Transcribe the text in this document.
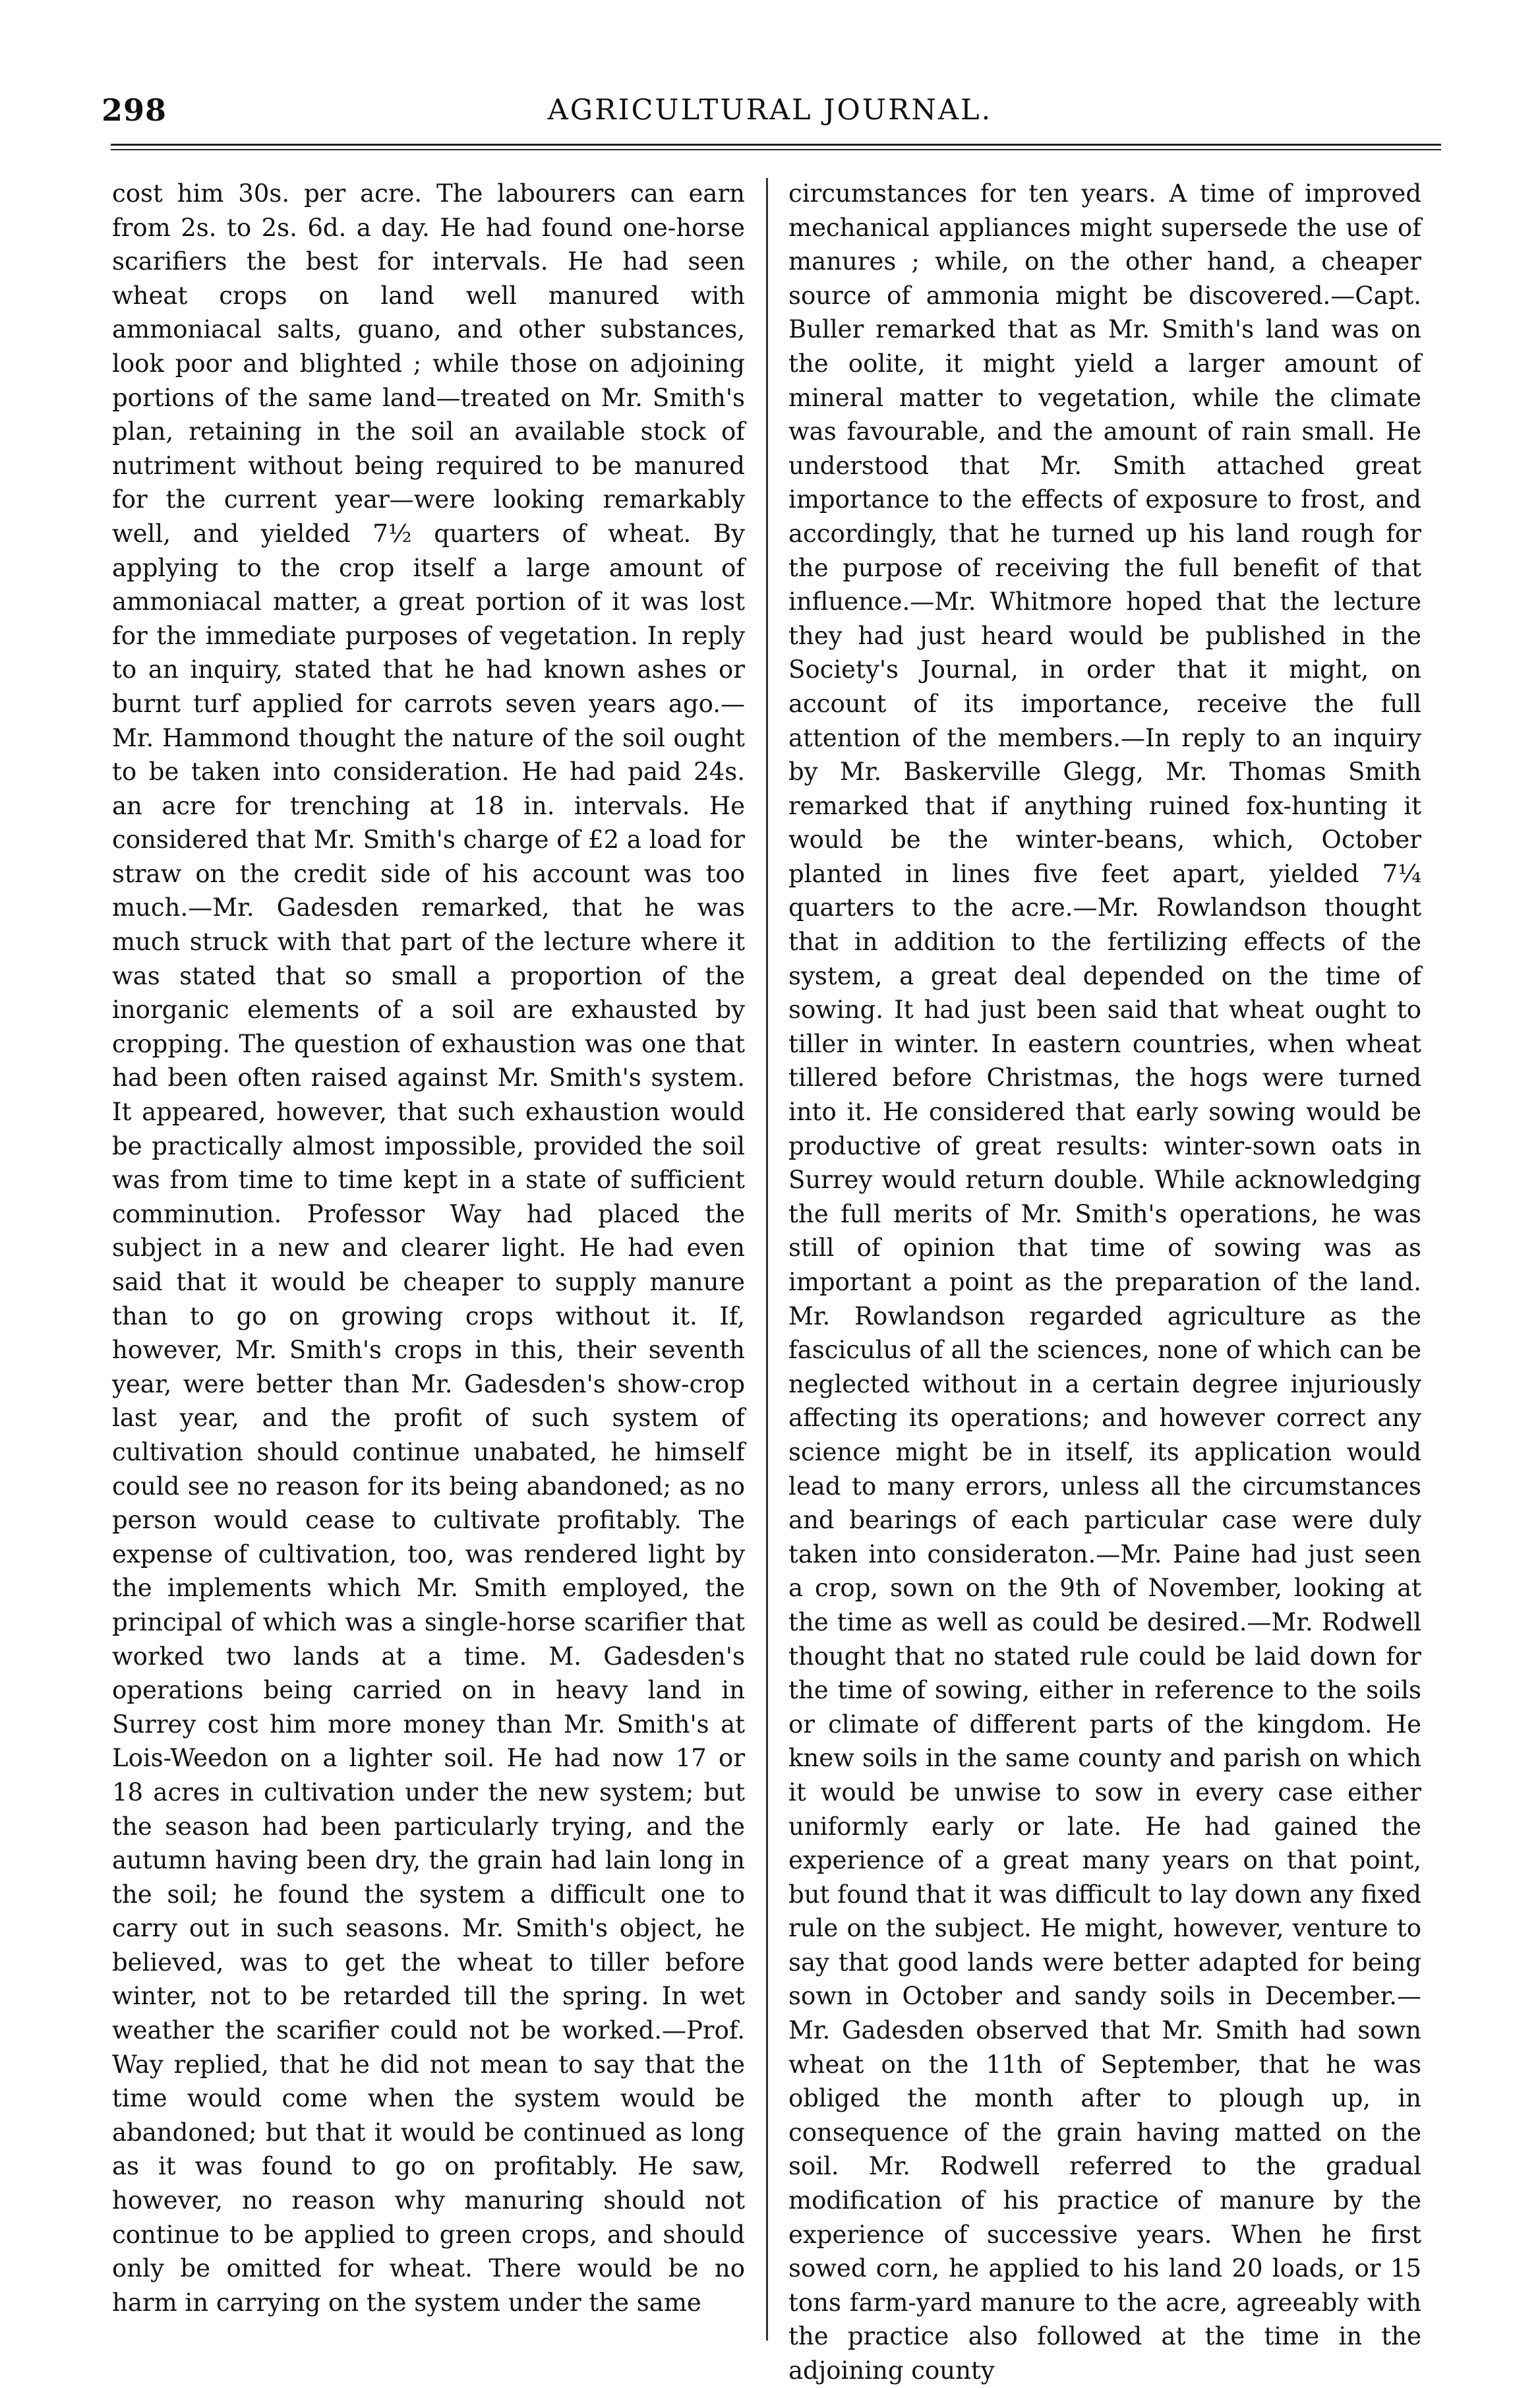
298	AGRICULTURAL JOURNAL.

cost him 30s. per acre. The labourers can earn from 2s. to 2s. 6d. a day. He had found one-horse scarifiers the best for intervals. He had seen wheat crops on land well manured with ammoniacal salts, guano, and other substances, look poor and blighted ; while those on adjoining portions of the same land—treated on Mr. Smith's plan, retaining in the soil an available stock of nutriment without being required to be manured for the current year—were looking remarkably well, and yielded 7½ quarters of wheat. By applying to the crop itself a large amount of ammoniacal matter, a great portion of it was lost for the immediate purposes of vegetation. In reply to an inquiry, stated that he had known ashes or burnt turf applied for carrots seven years ago.—Mr. Hammond thought the nature of the soil ought to be taken into consideration. He had paid 24s. an acre for trenching at 18 in. intervals. He considered that Mr. Smith's charge of £2 a load for straw on the credit side of his account was too much.—Mr. Gadesden remarked, that he was much struck with that part of the lecture where it was stated that so small a proportion of the inorganic elements of a soil are exhausted by cropping. The question of exhaustion was one that had been often raised against Mr. Smith's system. It appeared, however, that such exhaustion would be practically almost impossible, provided the soil was from time to time kept in a state of sufficient comminution. Professor Way had placed the subject in a new and clearer light. He had even said that it would be cheaper to supply manure than to go on growing crops without it. If, however, Mr. Smith's crops in this, their seventh year, were better than Mr. Gadesden's show-crop last year, and the profit of such system of cultivation should continue unabated, he himself could see no reason for its being abandoned; as no person would cease to cultivate profitably. The expense of cultivation, too, was rendered light by the implements which Mr. Smith employed, the principal of which was a single-horse scarifier that worked two lands at a time. M. Gadesden's operations being carried on in heavy land in Surrey cost him more money than Mr. Smith's at Lois-Weedon on a lighter soil. He had now 17 or 18 acres in cultivation under the new system; but the season had been particularly trying, and the autumn having been dry, the grain had lain long in the soil; he found the system a difficult one to carry out in such seasons. Mr. Smith's object, he believed, was to get the wheat to tiller before winter, not to be retarded till the spring. In wet weather the scarifier could not be worked.—Prof. Way replied, that he did not mean to say that the time would come when the system would be abandoned; but that it would be continued as long as it was found to go on profitably. He saw, however, no reason why manuring should not continue to be applied to green crops, and should only be omitted for wheat. There would be no harm in carrying on the system under the same

circumstances for ten years. A time of improved mechanical appliances might supersede the use of manures ; while, on the other hand, a cheaper source of ammonia might be discovered.—Capt. Buller remarked that as Mr. Smith's land was on the oolite, it might yield a larger amount of mineral matter to vegetation, while the climate was favourable, and the amount of rain small. He understood that Mr. Smith attached great importance to the effects of exposure to frost, and accordingly, that he turned up his land rough for the purpose of receiving the full benefit of that influence.—Mr. Whitmore hoped that the lecture they had just heard would be published in the Society's Journal, in order that it might, on account of its importance, receive the full attention of the members.—In reply to an inquiry by Mr. Baskerville Glegg, Mr. Thomas Smith remarked that if anything ruined fox-hunting it would be the winter-beans, which, October planted in lines five feet apart, yielded 7¼ quarters to the acre.—Mr. Rowlandson thought that in addition to the fertilizing effects of the system, a great deal depended on the time of sowing. It had just been said that wheat ought to tiller in winter. In eastern countries, when wheat tillered before Christmas, the hogs were turned into it. He considered that early sowing would be productive of great results: winter-sown oats in Surrey would return double. While acknowledging the full merits of Mr. Smith's operations, he was still of opinion that time of sowing was as important a point as the preparation of the land. Mr. Rowlandson regarded agriculture as the fasciculus of all the sciences, none of which can be neglected without in a certain degree injuriously affecting its operations; and however correct any science might be in itself, its application would lead to many errors, unless all the circumstances and bearings of each particular case were duly taken into consideraton.—Mr. Paine had just seen a crop, sown on the 9th of November, looking at the time as well as could be desired.—Mr. Rodwell thought that no stated rule could be laid down for the time of sowing, either in reference to the soils or climate of different parts of the kingdom. He knew soils in the same county and parish on which it would be unwise to sow in every case either uniformly early or late. He had gained the experience of a great many years on that point, but found that it was difficult to lay down any fixed rule on the subject. He might, however, venture to say that good lands were better adapted for being sown in October and sandy soils in December.—Mr. Gadesden observed that Mr. Smith had sown wheat on the 11th of September, that he was obliged the month after to plough up, in consequence of the grain having matted on the soil. Mr. Rodwell referred to the gradual modification of his practice of manure by the experience of successive years. When he first sowed corn, he applied to his land 20 loads, or 15 tons farm-yard manure to the acre, agreeably with the practice also followed at the time in the adjoining county
